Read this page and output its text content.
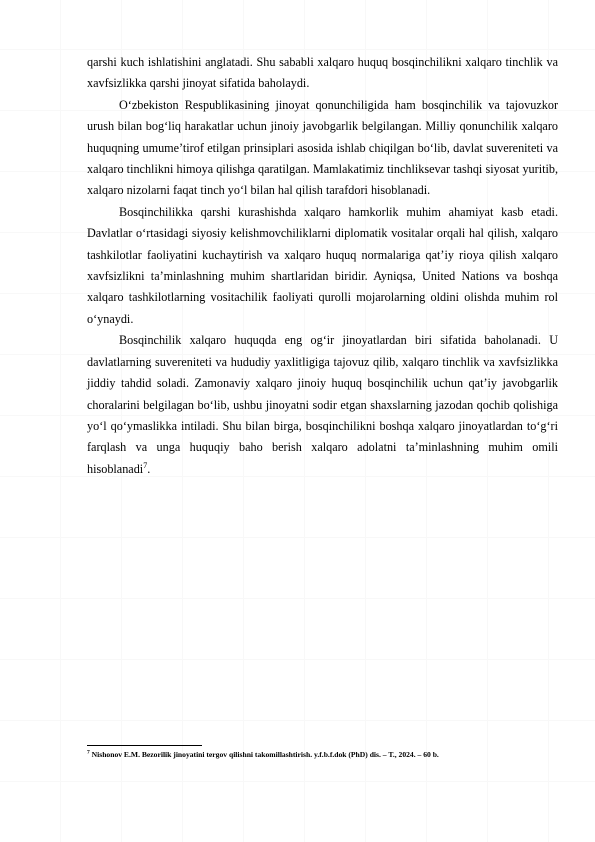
qarshi kuch ishlatishini anglatadi. Shu sababli xalqaro huquq bosqinchilikni xalqaro tinchlik va xavfsizlikka qarshi jinoyat sifatida baholaydi.

O‘zbekiston Respublikasining jinoyat qonunchiligida ham bosqinchilik va tajovuzkor urush bilan bog‘liq harakatlar uchun jinoiy javobgarlik belgilangan. Milliy qonunchilik xalqaro huquqning umume’tirof etilgan prinsiplari asosida ishlab chiqilgan bo‘lib, davlat suvereniteti va xalqaro tinchlikni himoya qilishga qaratilgan. Mamlakatimiz tinchliksevar tashqi siyosat yuritib, xalqaro nizolarni faqat tinch yo‘l bilan hal qilish tarafdori hisoblanadi.

Bosqinchilikka qarshi kurashishda xalqaro hamkorlik muhim ahamiyat kasb etadi. Davlatlar o‘rtasidagi siyosiy kelishmovchiliklarni diplomatik vositalar orqali hal qilish, xalqaro tashkilotlar faoliyatini kuchaytirish va xalqaro huquq normalariga qat’iy rioya qilish xalqaro xavfsizlikni ta’minlashning muhim shartlaridan biridir. Ayniqsa, United Nations va boshqa xalqaro tashkilotlarning vositachilik faoliyati qurolli mojarolarning oldini olishda muhim rol o‘ynaydi.

Bosqinchilik xalqaro huquqda eng og‘ir jinoyatlardan biri sifatida baholanadi. U davlatlarning suvereniteti va hududiy yaxlitligiga tajovuz qilib, xalqaro tinchlik va xavfsizlikka jiddiy tahdid soladi. Zamonaviy xalqaro jinoiy huquq bosqinchilik uchun qat’iy javobgarlik choralarini belgilagan bo‘lib, ushbu jinoyatni sodir etgan shaxslarning jazodan qochib qolishiga yo‘l qo‘ymaslikka intiladi. Shu bilan birga, bosqinchilikni boshqa xalqaro jinoyatlardan to‘g‘ri farqlash va unga huquqiy baho berish xalqaro adolatni ta’minlashning muhim omili hisoblanadi$^7$.

$^7$ Nishonov E.M. Bezorilik jinoyatini tergov qilishni takomillashtirish. y.f.b.f.dok (PhD) dis. – T., 2024. – 60 b.
